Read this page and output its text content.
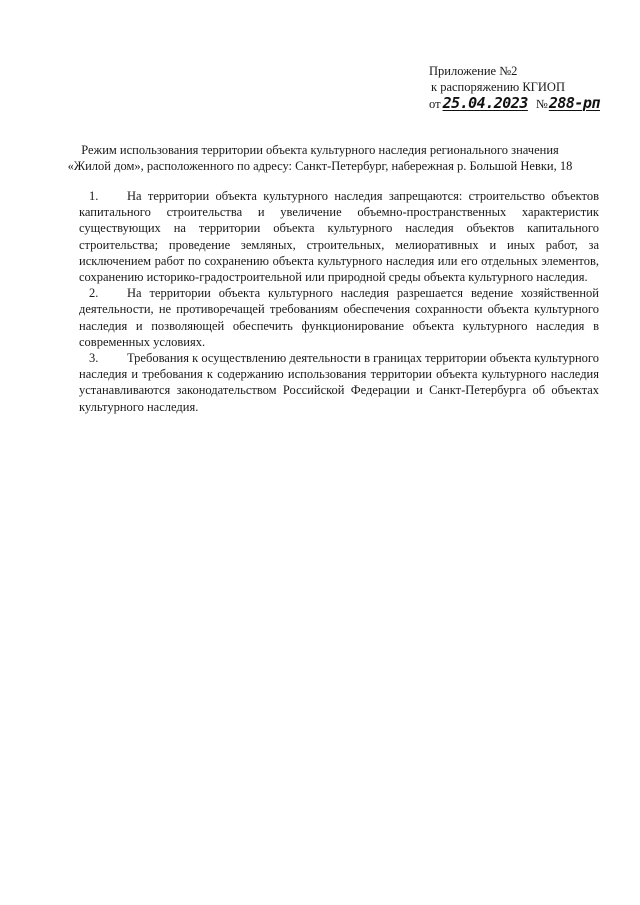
Приложение №2
к распоряжению КГИОП
от 25.04.2023 № 288-рп
Режим использования территории объекта культурного наследия регионального значения
«Жилой дом», расположенного по адресу: Санкт-Петербург, набережная р. Большой Невки, 18

1. На территории объекта культурного наследия запрещаются: строительство объектов капитального строительства и увеличение объемно-пространственных характеристик существующих на территории объекта культурного наследия объектов капитального строительства; проведение земляных, строительных, мелиоративных и иных работ, за исключением работ по сохранению объекта культурного наследия или его отдельных элементов, сохранению историко-градостроительной или природной среды объекта культурного наследия.

2. На территории объекта культурного наследия разрешается ведение хозяйственной деятельности, не противоречащей требованиям обеспечения сохранности объекта культурного наследия и позволяющей обеспечить функционирование объекта культурного наследия в современных условиях.

3. Требования к осуществлению деятельности в границах территории объекта культурного наследия и требования к содержанию использования территории объекта культурного наследия устанавливаются законодательством Российской Федерации и Санкт-Петербурга об объектах культурного наследия.
